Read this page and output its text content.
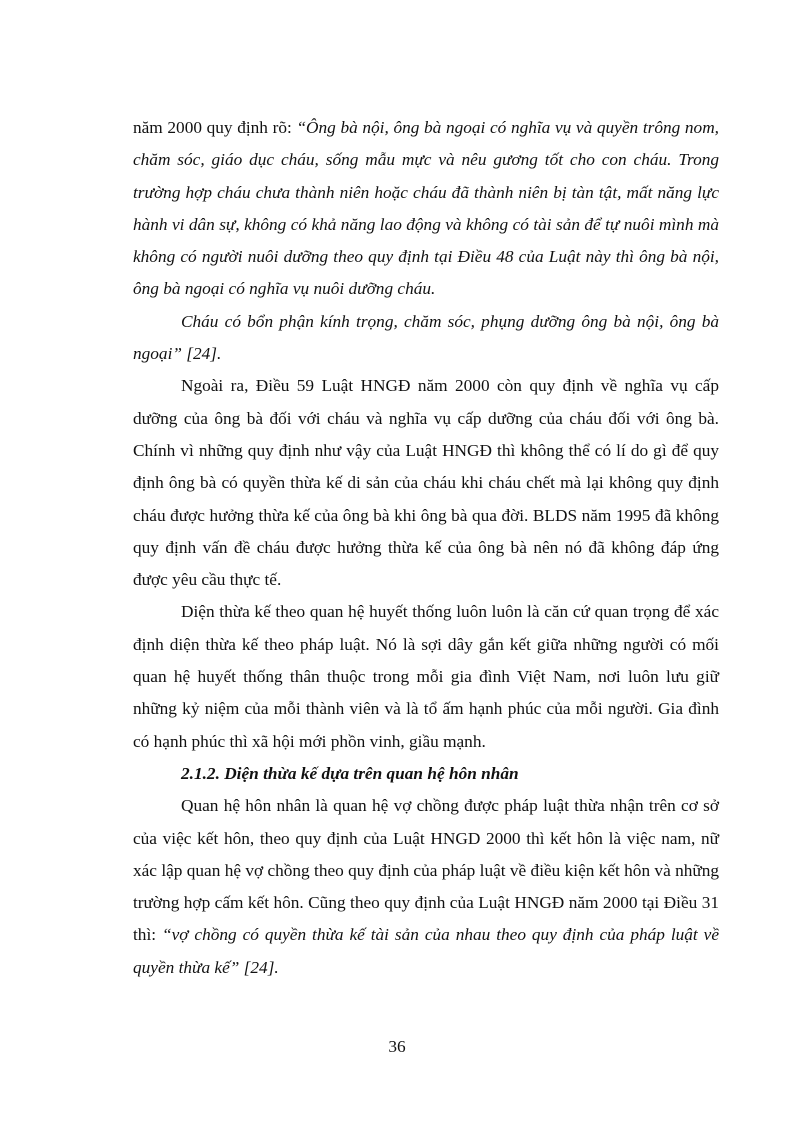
năm 2000 quy định rõ: “Ông bà nội, ông bà ngoại có nghĩa vụ và quyền trông nom, chăm sóc, giáo dục cháu, sống mẫu mực và nêu gương tốt cho con cháu. Trong trường hợp cháu chưa thành niên hoặc cháu đã thành niên bị tàn tật, mất năng lực hành vi dân sự, không có khả năng lao động và không có tài sản để tự nuôi mình mà không có người nuôi dưỡng theo quy định tại Điều 48 của Luật này thì ông bà nội, ông bà ngoại có nghĩa vụ nuôi dưỡng cháu.

Cháu có bổn phận kính trọng, chăm sóc, phụng dưỡng ông bà nội, ông bà ngoại” [24].

Ngoài ra, Điều 59 Luật HNGĐ năm 2000 còn quy định về nghĩa vụ cấp dưỡng của ông bà đối với cháu và nghĩa vụ cấp dưỡng của cháu đối với ông bà. Chính vì những quy định như vậy của Luật HNGĐ thì không thể có lí do gì để quy định ông bà có quyền thừa kế di sản của cháu khi cháu chết mà lại không quy định cháu được hưởng thừa kế của ông bà khi ông bà qua đời. BLDS năm 1995 đã không quy định vấn đề cháu được hưởng thừa kế của ông bà nên nó đã không đáp ứng được yêu cầu thực tế.

Diện thừa kế theo quan hệ huyết thống luôn luôn là căn cứ quan trọng để xác định diện thừa kế theo pháp luật. Nó là sợi dây gắn kết giữa những người có mối quan hệ huyết thống thân thuộc trong mỗi gia đình Việt Nam, nơi luôn lưu giữ những kỷ niệm của mỗi thành viên và là tổ ấm hạnh phúc của mỗi người. Gia đình có hạnh phúc thì xã hội mới phồn vinh, giầu mạnh.

2.1.2. Diện thừa kế dựa trên quan hệ hôn nhân

Quan hệ hôn nhân là quan hệ vợ chồng được pháp luật thừa nhận trên cơ sở của việc kết hôn, theo quy định của Luật HNGD 2000 thì kết hôn là việc nam, nữ xác lập quan hệ vợ chồng theo quy định của pháp luật về điều kiện kết hôn và những trường hợp cấm kết hôn. Cũng theo quy định của Luật HNGĐ năm 2000 tại Điều 31 thì: “vợ chồng có quyền thừa kế tài sản của nhau theo quy định của pháp luật về quyền thừa kế” [24].

36
